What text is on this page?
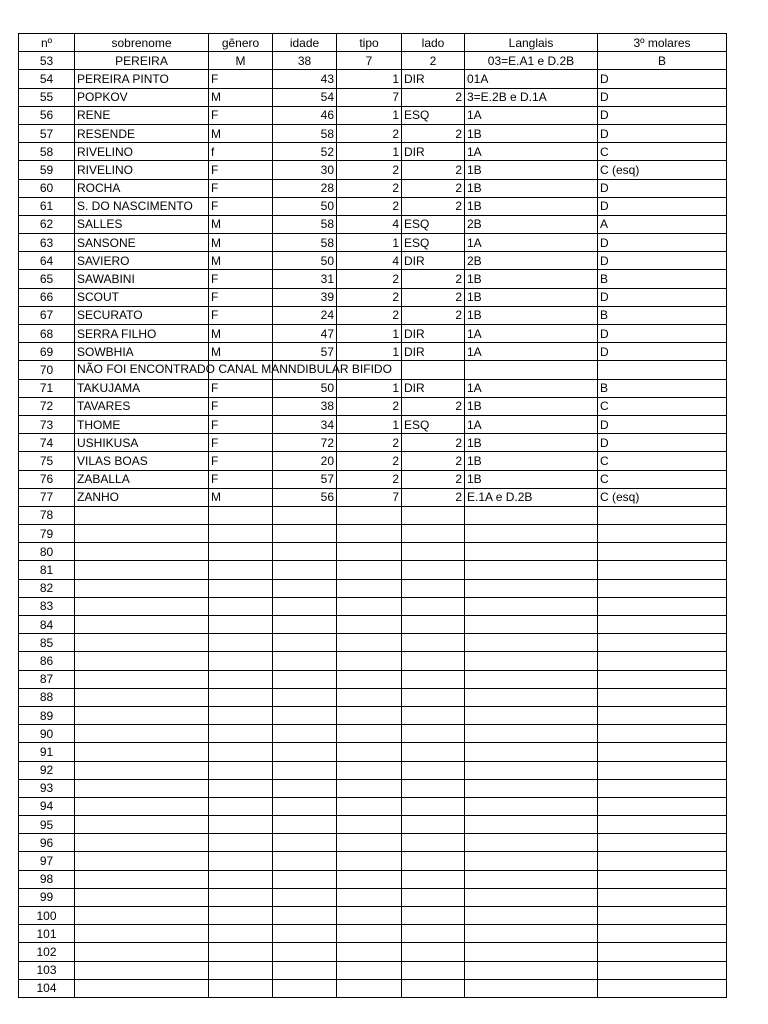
nº	sobrenome	gênero	idade	tipo	lado	Langlais	3º molares
53	PEREIRA	M	38	7	2	03=E.A1 e D.2B	B
54	PEREIRA PINTO	F	43	1	DIR	01A	D
55	POPKOV	M	54	7	2	3=E.2B e D.1A	D
56	RENE	F	46	1	ESQ	1A	D
57	RESENDE	M	58	2	2	1B	D
58	RIVELINO	f	52	1	DIR	1A	C
59	RIVELINO	F	30	2	2	1B	C (esq)
60	ROCHA	F	28	2	2	1B	D
61	S. DO NASCIMENTO	F	50	2	2	1B	D
62	SALLES	M	58	4	ESQ	2B	A
63	SANSONE	M	58	1	ESQ	1A	D
64	SAVIERO	M	50	4	DIR	2B	D
65	SAWABINI	F	31	2	2	1B	B
66	SCOUT	F	39	2	2	1B	D
67	SECURATO	F	24	2	2	1B	B
68	SERRA FILHO	M	47	1	DIR	1A	D
69	SOWBHIA	M	57	1	DIR	1A	D
70	NÃO FOI ENCONTRADO CANAL MANNDIBULAR BIFIDO						

71	TAKUJAMA	F	50	1	DIR	1A	B
72	TAVARES	F	38	2	2	1B	C
73	THOME	F	34	1	ESQ	1A	D
74	USHIKUSA	F	72	2	2	1B	D
75	VILAS BOAS	F	20	2	2	1B	C
76	ZABALLA	F	57	2	2	1B	C
77	ZANHO	M	56	7	2	E.1A e D.2B	C (esq)
78							
79							
80							
81							
82							
83							
84							
85							
86							
87							
88							
89							
90							
91							
92							
93							
94							
95							
96							
97							
98							
99							
100							
101							
102							
103							
104							
